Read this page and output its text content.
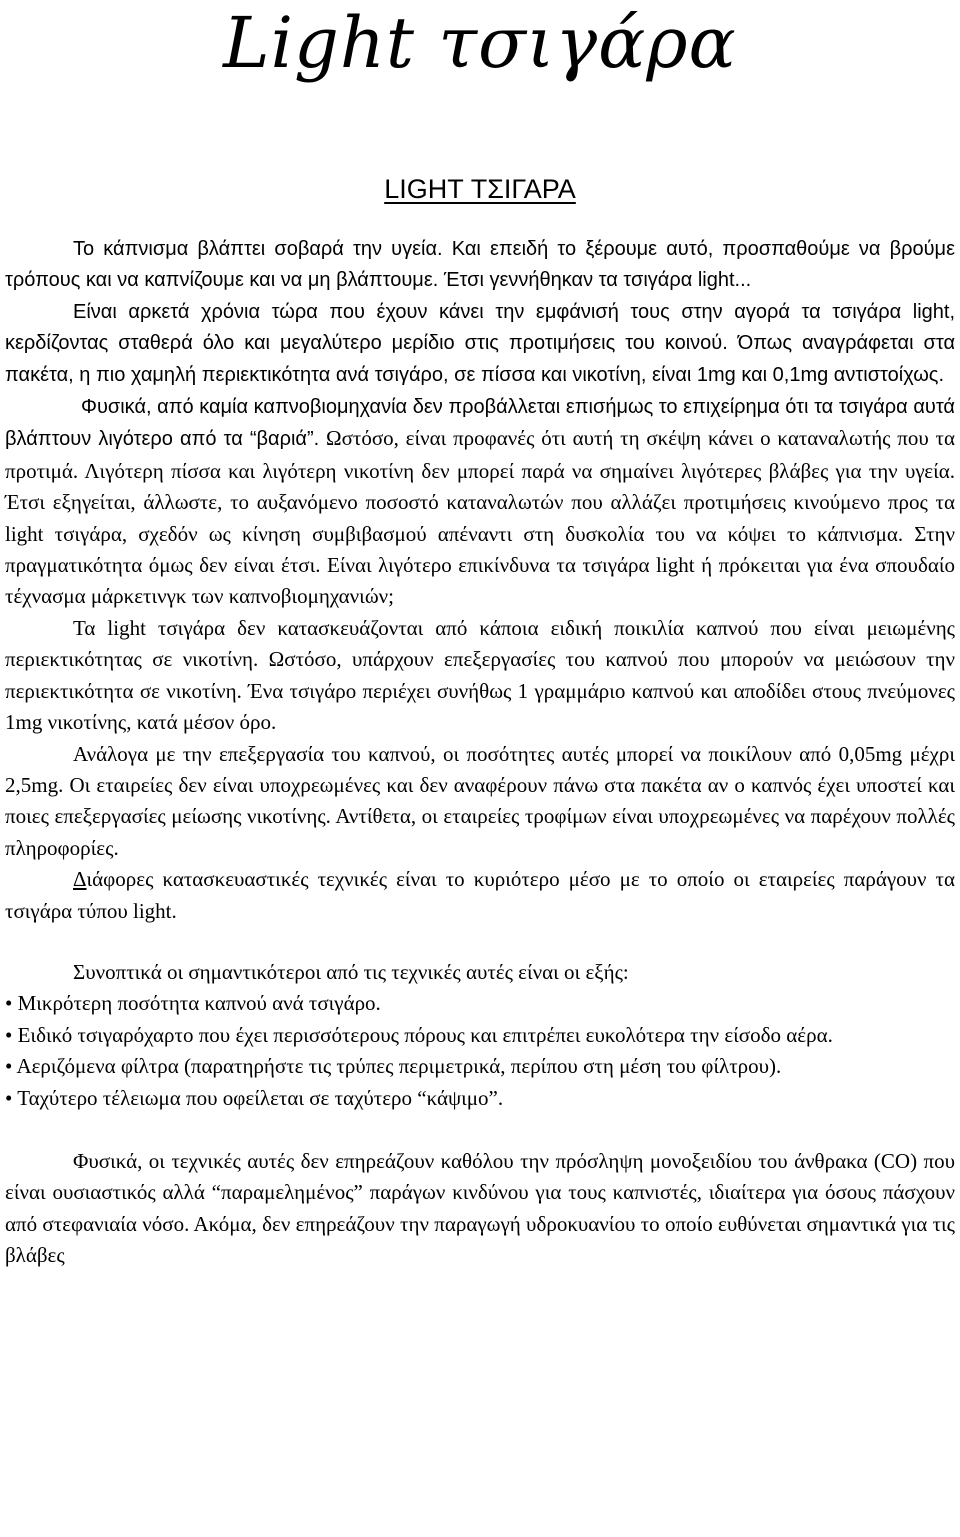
Light τσιγάρα
LIGHT ΤΣΙΓΑΡΑ

Το κάπνισμα βλάπτει σοβαρά την υγεία. Και επειδή το ξέρουμε αυτό, προσπαθούμε να βρούμε τρόπους και να καπνίζουμε και να μη βλάπτουμε. Έτσι γεννήθηκαν τα τσιγάρα light...

Είναι αρκετά χρόνια τώρα που έχουν κάνει την εμφάνισή τους στην αγορά τα τσιγάρα light, κερδίζοντας σταθερά όλο και μεγαλύτερο μερίδιο στις προτιμήσεις του κοινού. Όπως αναγράφεται στα πακέτα, η πιο χαμηλή περιεκτικότητα ανά τσιγάρο, σε πίσσα και νικοτίνη, είναι 1mg και 0,1mg αντιστοίχως.

Φυσικά, από καμία καπνοβιομηχανία δεν προβάλλεται επισήμως το επιχείρημα ότι τα τσιγάρα αυτά βλάπτουν λιγότερο από τα “βαριά”. Ωστόσο, είναι προφανές ότι αυτή τη σκέψη κάνει ο καταναλωτής που τα προτιμά. Λιγότερη πίσσα και λιγότερη νικοτίνη δεν μπορεί παρά να σημαίνει λιγότερες βλάβες για την υγεία. Έτσι εξηγείται, άλλωστε, το αυξανόμενο ποσοστό καταναλωτών που αλλάζει προτιμήσεις κινούμενο προς τα light τσιγάρα, σχεδόν ως κίνηση συμβιβασμού απέναντι στη δυσκολία του να κόψει το κάπνισμα. Στην πραγματικότητα όμως δεν είναι έτσι. Είναι λιγότερο επικίνδυνα τα τσιγάρα light ή πρόκειται για ένα σπουδαίο τέχνασμα μάρκετινγκ των καπνοβιομηχανιών;

Τα light τσιγάρα δεν κατασκευάζονται από κάποια ειδική ποικιλία καπνού που είναι μειωμένης περιεκτικότητας σε νικοτίνη. Ωστόσο, υπάρχουν επεξεργασίες του καπνού που μπορούν να μειώσουν την περιεκτικότητα σε νικοτίνη. Ένα τσιγάρο περιέχει συνήθως 1 γραμμάριο καπνού και αποδίδει στους πνεύμονες 1mg νικοτίνης, κατά μέσον όρο.

Ανάλογα με την επεξεργασία του καπνού, οι ποσότητες αυτές μπορεί να ποικίλουν από 0,05mg μέχρι 2,5mg. Οι εταιρείες δεν είναι υποχρεωμένες και δεν αναφέρουν πάνω στα πακέτα αν ο καπνός έχει υποστεί και ποιες επεξεργασίες μείωσης νικοτίνης. Αντίθετα, οι εταιρείες τροφίμων είναι υποχρεωμένες να παρέχουν πολλές πληροφορίες.

Διάφορες κατασκευαστικές τεχνικές είναι το κυριότερο μέσο με το οποίο οι εταιρείες παράγουν τα τσιγάρα τύπου light.

Συνοπτικά οι σημαντικότεροι από τις τεχνικές αυτές είναι οι εξής:

• Μικρότερη ποσότητα καπνού ανά τσιγάρο.

• Ειδικό τσιγαρόχαρτο που έχει περισσότερους πόρους και επιτρέπει ευκολότερα την είσοδο αέρα.

• Αεριζόμενα φίλτρα (παρατηρήστε τις τρύπες περιμετρικά, περίπου στη μέση του φίλτρου).

• Ταχύτερο τέλειωμα που οφείλεται σε ταχύτερο “κάψιμο”.

Φυσικά, οι τεχνικές αυτές δεν επηρεάζουν καθόλου την πρόσληψη μονοξειδίου του άνθρακα (CO) που είναι ουσιαστικός αλλά “παραμελημένος” παράγων κινδύνου για τους καπνιστές, ιδιαίτερα για όσους πάσχουν από στεφανιαία νόσο. Ακόμα, δεν επηρεάζουν την παραγωγή υδροκυανίου το οποίο ευθύνεται σημαντικά για τις βλάβες
